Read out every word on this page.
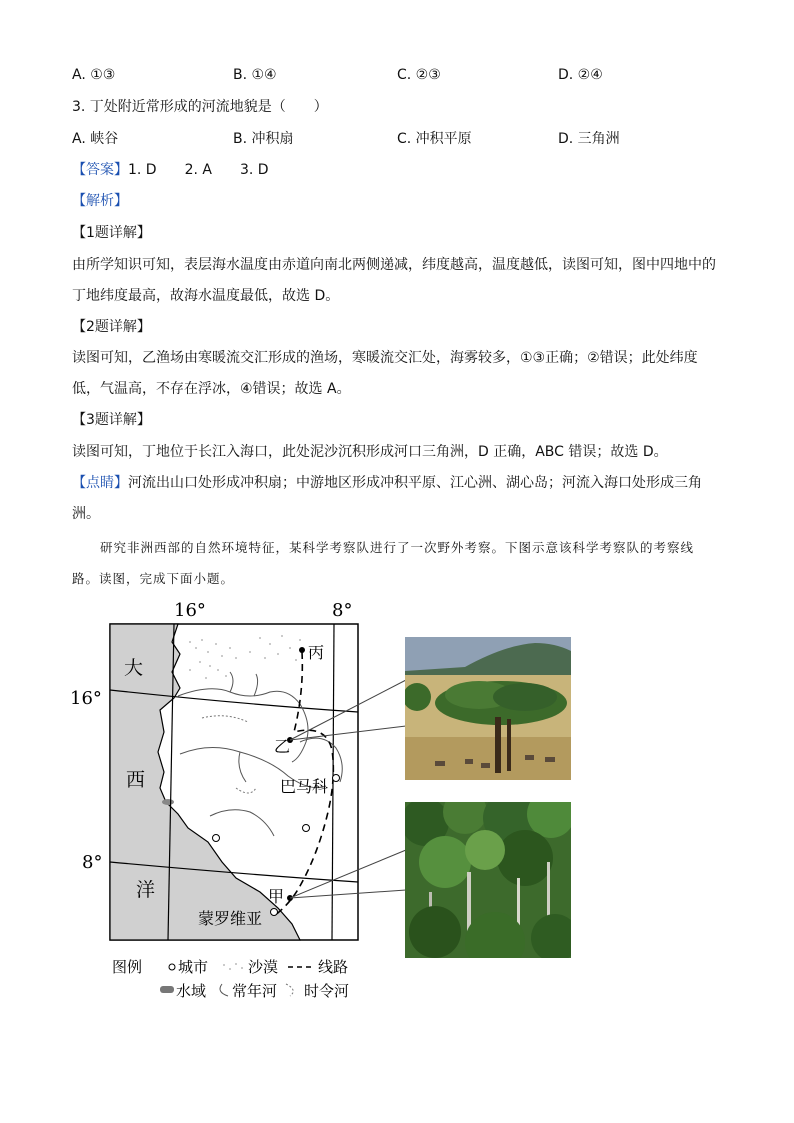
A. ①③	B. ①④	C. ②③	D. ②④
3. 丁处附近常形成的河流地貌是（　　）
A. 峡谷	B. 冲积扇	C. 冲积平原	D. 三角洲
【答案】1. D　　2. A　　3. D
【解析】
【1题详解】
由所学知识可知，表层海水温度由赤道向南北两侧递减，纬度越高，温度越低，读图可知，图中四地中的
丁地纬度最高，故海水温度最低，故选 D。
【2题详解】
读图可知，乙渔场由寒暖流交汇形成的渔场，寒暖流交汇处，海雾较多，①③正确；②错误；此处纬度
低，气温高，不存在浮冰，④错误；故选 A。
【3题详解】
读图可知，丁地位于长江入海口，此处泥沙沉积形成河口三角洲，D 正确，ABC 错误；故选 D。
【点睛】河流出山口处形成冲积扇；中游地区形成冲积平原、江心洲、湖心岛；河流入海口处形成三角
洲。
研究非洲西部的自然环境特征，某科学考察队进行了一次野外考察。下图示意该科学考察队的考察线
路。读图，完成下面小题。
16°	8°
16°
8°
大
西
洋
丙
乙
巴马科
甲
蒙罗维亚
图例 城市	沙漠	线路
水域 常年河 时令河
